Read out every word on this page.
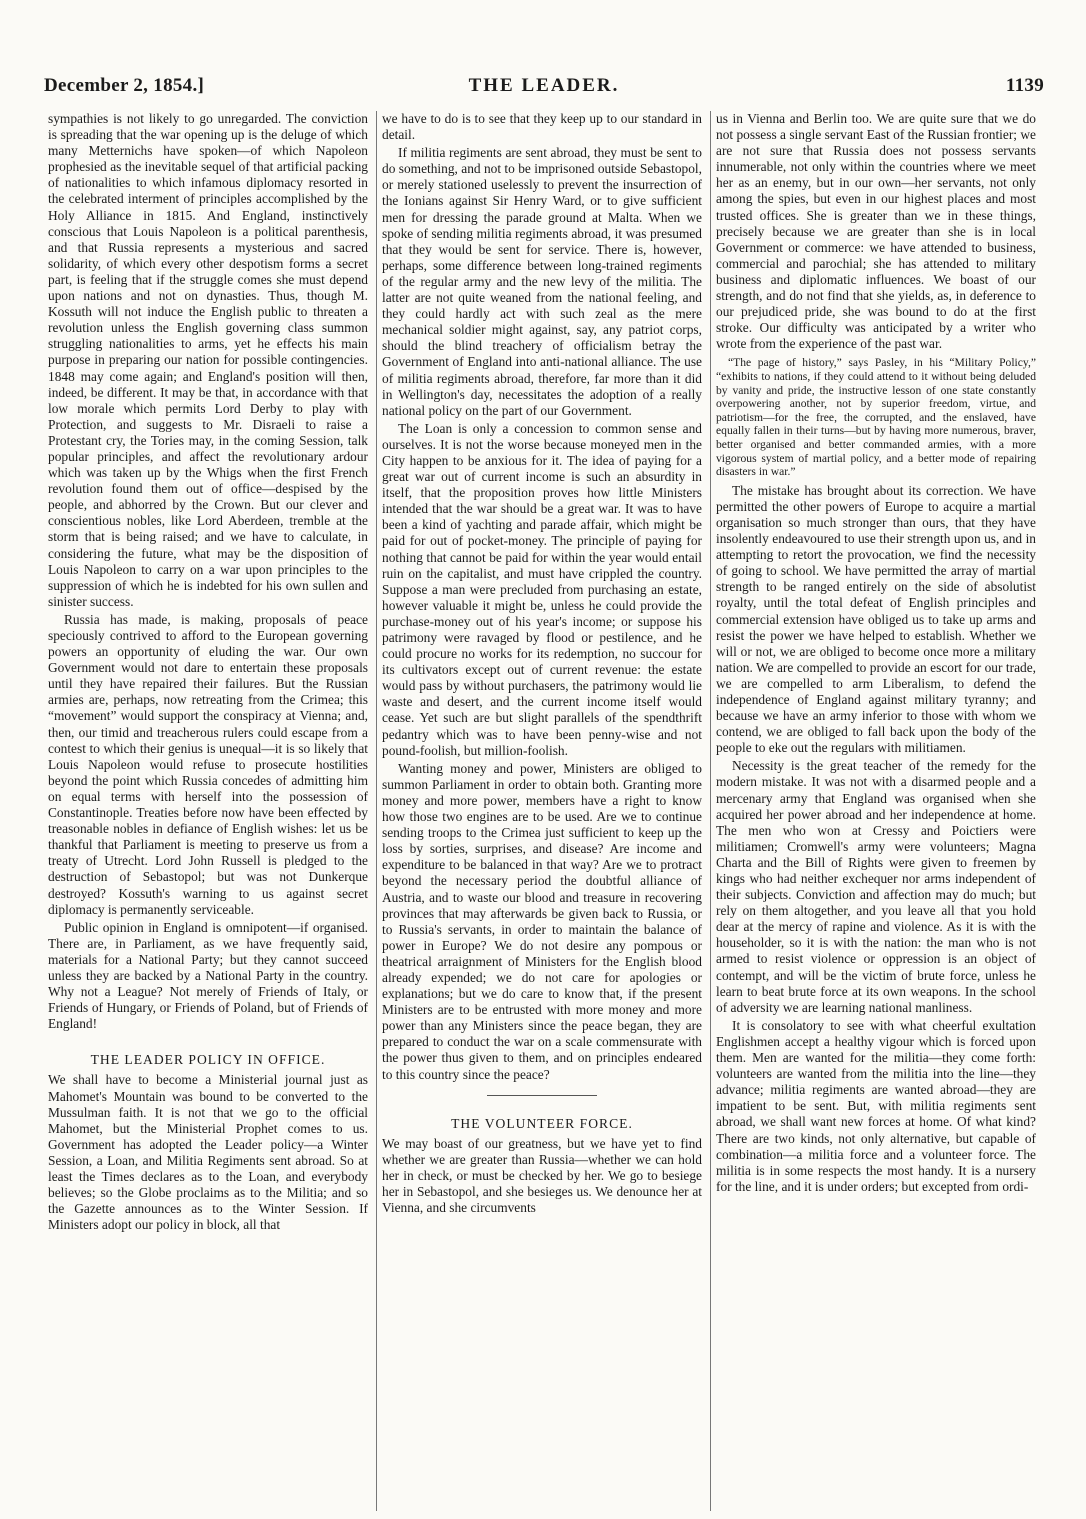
December 2, 1854.]	THE LEADER.	1139

sympathies is not likely to go unregarded. The conviction is spreading that the war opening up is the deluge of which many Metternichs have spoken—of which Napoleon prophesied as the inevitable sequel of that artificial packing of nationalities to which infamous diplomacy resorted in the celebrated interment of principles accomplished by the Holy Alliance in 1815. And England, instinctively conscious that Louis Napoleon is a political parenthesis, and that Russia represents a mysterious and sacred solidarity, of which every other despotism forms a secret part, is feeling that if the struggle comes she must depend upon nations and not on dynasties. Thus, though M. Kossuth will not induce the English public to threaten a revolution unless the English governing class summon struggling nationalities to arms, yet he effects his main purpose in preparing our nation for possible contingencies. 1848 may come again; and England's position will then, indeed, be different. It may be that, in accordance with that low morale which permits Lord Derby to play with Protection, and suggests to Mr. Disraeli to raise a Protestant cry, the Tories may, in the coming Session, talk popular principles, and affect the revolutionary ardour which was taken up by the Whigs when the first French revolution found them out of office—despised by the people, and abhorred by the Crown. But our clever and conscientious nobles, like Lord Aberdeen, tremble at the storm that is being raised; and we have to calculate, in considering the future, what may be the disposition of Louis Napoleon to carry on a war upon principles to the suppression of which he is indebted for his own sullen and sinister success.

Russia has made, is making, proposals of peace speciously contrived to afford to the European governing powers an opportunity of eluding the war. Our own Government would not dare to entertain these proposals until they have repaired their failures. But the Russian armies are, perhaps, now retreating from the Crimea; this “movement” would support the conspiracy at Vienna; and, then, our timid and treacherous rulers could escape from a contest to which their genius is unequal—it is so likely that Louis Napoleon would refuse to prosecute hostilities beyond the point which Russia concedes of admitting him on equal terms with herself into the possession of Constantinople. Treaties before now have been effected by treasonable nobles in defiance of English wishes: let us be thankful that Parliament is meeting to preserve us from a treaty of Utrecht. Lord John Russell is pledged to the destruction of Sebastopol; but was not Dunkerque destroyed? Kossuth's warning to us against secret diplomacy is permanently serviceable.

Public opinion in England is omnipotent—if organised. There are, in Parliament, as we have frequently said, materials for a National Party; but they cannot succeed unless they are backed by a National Party in the country. Why not a League? Not merely of Friends of Italy, or Friends of Hungary, or Friends of Poland, but of Friends of England!

THE LEADER POLICY IN OFFICE.

We shall have to become a Ministerial journal just as Mahomet's Mountain was bound to be converted to the Mussulman faith. It is not that we go to the official Mahomet, but the Ministerial Prophet comes to us. Government has adopted the Leader policy—a Winter Session, a Loan, and Militia Regiments sent abroad. So at least the Times declares as to the Loan, and everybody believes; so the Globe proclaims as to the Militia; and so the Gazette announces as to the Winter Session. If Ministers adopt our policy in block, all that

we have to do is to see that they keep up to our standard in detail.

If militia regiments are sent abroad, they must be sent to do something, and not to be imprisoned outside Sebastopol, or merely stationed uselessly to prevent the insurrection of the Ionians against Sir Henry Ward, or to give sufficient men for dressing the parade ground at Malta. When we spoke of sending militia regiments abroad, it was presumed that they would be sent for service. There is, however, perhaps, some difference between long-trained regiments of the regular army and the new levy of the militia. The latter are not quite weaned from the national feeling, and they could hardly act with such zeal as the mere mechanical soldier might against, say, any patriot corps, should the blind treachery of officialism betray the Government of England into anti-national alliance. The use of militia regiments abroad, therefore, far more than it did in Wellington's day, necessitates the adoption of a really national policy on the part of our Government.

The Loan is only a concession to common sense and ourselves. It is not the worse because moneyed men in the City happen to be anxious for it. The idea of paying for a great war out of current income is such an absurdity in itself, that the proposition proves how little Ministers intended that the war should be a great war. It was to have been a kind of yachting and parade affair, which might be paid for out of pocket-money. The principle of paying for nothing that cannot be paid for within the year would entail ruin on the capitalist, and must have crippled the country. Suppose a man were precluded from purchasing an estate, however valuable it might be, unless he could provide the purchase-money out of his year's income; or suppose his patrimony were ravaged by flood or pestilence, and he could procure no works for its redemption, no succour for its cultivators except out of current revenue: the estate would pass by without purchasers, the patrimony would lie waste and desert, and the current income itself would cease. Yet such are but slight parallels of the spendthrift pedantry which was to have been penny-wise and not pound-foolish, but million-foolish.

Wanting money and power, Ministers are obliged to summon Parliament in order to obtain both. Granting more money and more power, members have a right to know how those two engines are to be used. Are we to continue sending troops to the Crimea just sufficient to keep up the loss by sorties, surprises, and disease? Are income and expenditure to be balanced in that way? Are we to protract beyond the necessary period the doubtful alliance of Austria, and to waste our blood and treasure in recovering provinces that may afterwards be given back to Russia, or to Russia's servants, in order to maintain the balance of power in Europe? We do not desire any pompous or theatrical arraignment of Ministers for the English blood already expended; we do not care for apologies or explanations; but we do care to know that, if the present Ministers are to be entrusted with more money and more power than any Ministers since the peace began, they are prepared to conduct the war on a scale commensurate with the power thus given to them, and on principles endeared to this country since the peace?

THE VOLUNTEER FORCE.

We may boast of our greatness, but we have yet to find whether we are greater than Russia—whether we can hold her in check, or must be checked by her. We go to besiege her in Sebastopol, and she besieges us. We denounce her at Vienna, and she circumvents

us in Vienna and Berlin too. We are quite sure that we do not possess a single servant East of the Russian frontier; we are not sure that Russia does not possess servants innumerable, not only within the countries where we meet her as an enemy, but in our own—her servants, not only among the spies, but even in our highest places and most trusted offices. She is greater than we in these things, precisely because we are greater than she is in local Government or commerce: we have attended to business, commercial and parochial; she has attended to military business and diplomatic influences. We boast of our strength, and do not find that she yields, as, in deference to our prejudiced pride, she was bound to do at the first stroke. Our difficulty was anticipated by a writer who wrote from the experience of the past war.

“The page of history,” says Pasley, in his “Military Policy,” “exhibits to nations, if they could attend to it without being deluded by vanity and pride, the instructive lesson of one state constantly overpowering another, not by superior freedom, virtue, and patriotism—for the free, the corrupted, and the enslaved, have equally fallen in their turns—but by having more numerous, braver, better organised and better commanded armies, with a more vigorous system of martial policy, and a better mode of repairing disasters in war.”

The mistake has brought about its correction. We have permitted the other powers of Europe to acquire a martial organisation so much stronger than ours, that they have insolently endeavoured to use their strength upon us, and in attempting to retort the provocation, we find the necessity of going to school. We have permitted the array of martial strength to be ranged entirely on the side of absolutist royalty, until the total defeat of English principles and commercial extension have obliged us to take up arms and resist the power we have helped to establish. Whether we will or not, we are obliged to become once more a military nation. We are compelled to provide an escort for our trade, we are compelled to arm Liberalism, to defend the independence of England against military tyranny; and because we have an army inferior to those with whom we contend, we are obliged to fall back upon the body of the people to eke out the regulars with militiamen.

Necessity is the great teacher of the remedy for the modern mistake. It was not with a disarmed people and a mercenary army that England was organised when she acquired her power abroad and her independence at home. The men who won at Cressy and Poictiers were militiamen; Cromwell's army were volunteers; Magna Charta and the Bill of Rights were given to freemen by kings who had neither exchequer nor arms independent of their subjects. Conviction and affection may do much; but rely on them altogether, and you leave all that you hold dear at the mercy of rapine and violence. As it is with the householder, so it is with the nation: the man who is not armed to resist violence or oppression is an object of contempt, and will be the victim of brute force, unless he learn to beat brute force at its own weapons. In the school of adversity we are learning national manliness.

It is consolatory to see with what cheerful exultation Englishmen accept a healthy vigour which is forced upon them. Men are wanted for the militia—they come forth: volunteers are wanted from the militia into the line—they advance; militia regiments are wanted abroad—they are impatient to be sent. But, with militia regiments sent abroad, we shall want new forces at home. Of what kind? There are two kinds, not only alternative, but capable of combination—a militia force and a volunteer force. The militia is in some respects the most handy. It is a nursery for the line, and it is under orders; but excepted from ordi-
